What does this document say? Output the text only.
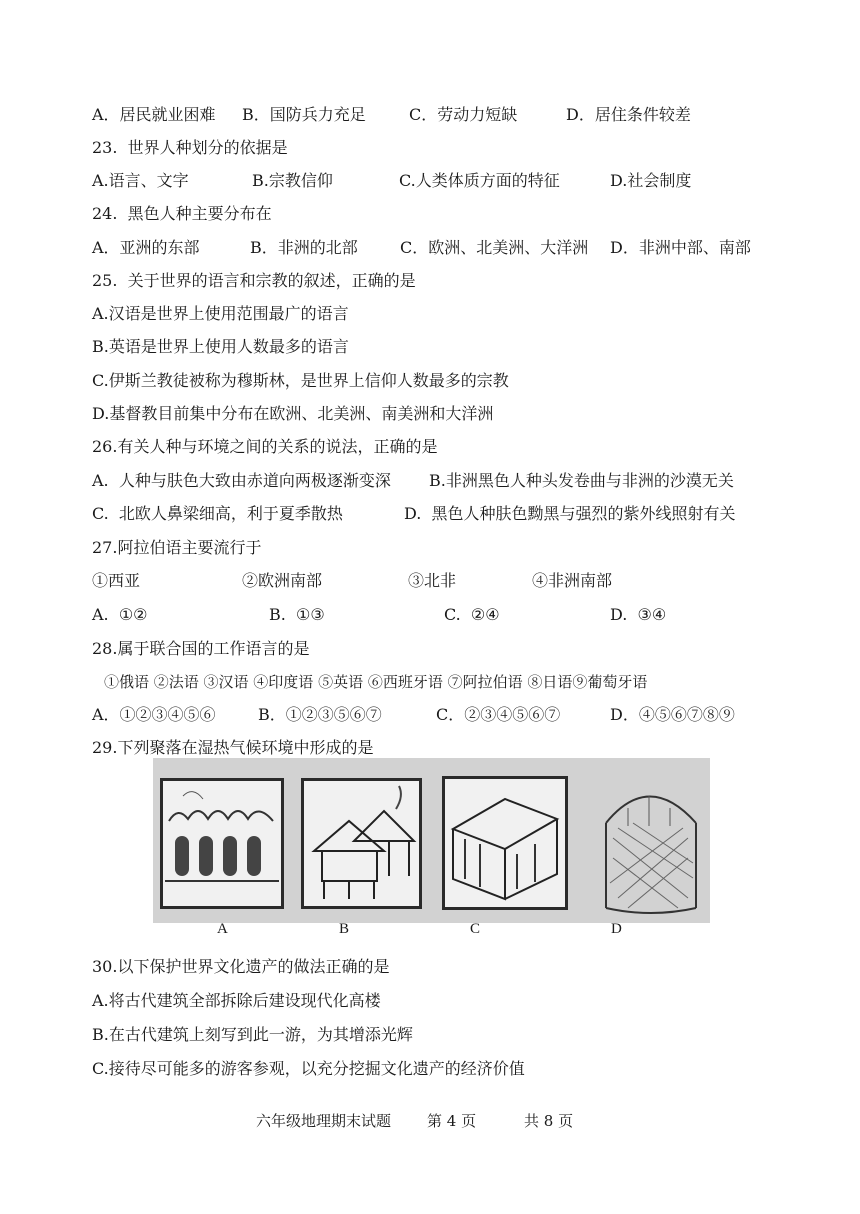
A．居民就业困难

B．国防兵力充足

	C．劳动力短缺

	D．居住条件较差

23.  世界人种划分的依据是

A.语言、文字

	B.宗教信仰

	C.人类体质方面的特征

	D.社会制度

24.  黑色人种主要分布在

A．亚洲的东部

	B．非洲的北部

	C．欧洲、北美洲、大洋洲

D．非洲中部、南部

25.  关于世界的语言和宗教的叙述，正确的是

A.汉语是世界上使用范围最广的语言

B.英语是世界上使用人数最多的语言

C.伊斯兰教徒被称为穆斯林，是世界上信仰人数最多的宗教

D.基督教目前集中分布在欧洲、北美洲、南美洲和大洋洲

26.有关人种与环境之间的关系的说法，正确的是

A.  人种与肤色大致由赤道向两极逐渐变深

B.非洲黑色人种头发卷曲与非洲的沙漠无关

C.  北欧人鼻梁细高，利于夏季散热

	D.  黑色人种肤色黝黑与强烈的紫外线照射有关

27.阿拉伯语主要流行于

①西亚

	②欧洲南部

	③北非

	④非洲南部

A.  ①②

	B.  ①③

	C.  ②④

	D.  ③④

28.属于联合国的工作语言的是

①俄语 ②法语 ③汉语 ④印度语 ⑤英语 ⑥西班牙语 ⑦阿拉伯语 ⑧日语⑨葡萄牙语

A．①②③④⑤⑥

	B．①②③⑤⑥⑦

	C．②③④⑤⑥⑦

	D．④⑤⑥⑦⑧⑨

29.下列聚落在湿热气候环境中形成的是

A	B	C	D

30.以下保护世界文化遗产的做法正确的是

A.将古代建筑全部拆除后建设现代化高楼

B.在古代建筑上刻写到此一游，为其增添光辉

C.接待尽可能多的游客参观，以充分挖掘文化遗产的经济价值

六年级地理期末试题 第 4 页	共 8 页
